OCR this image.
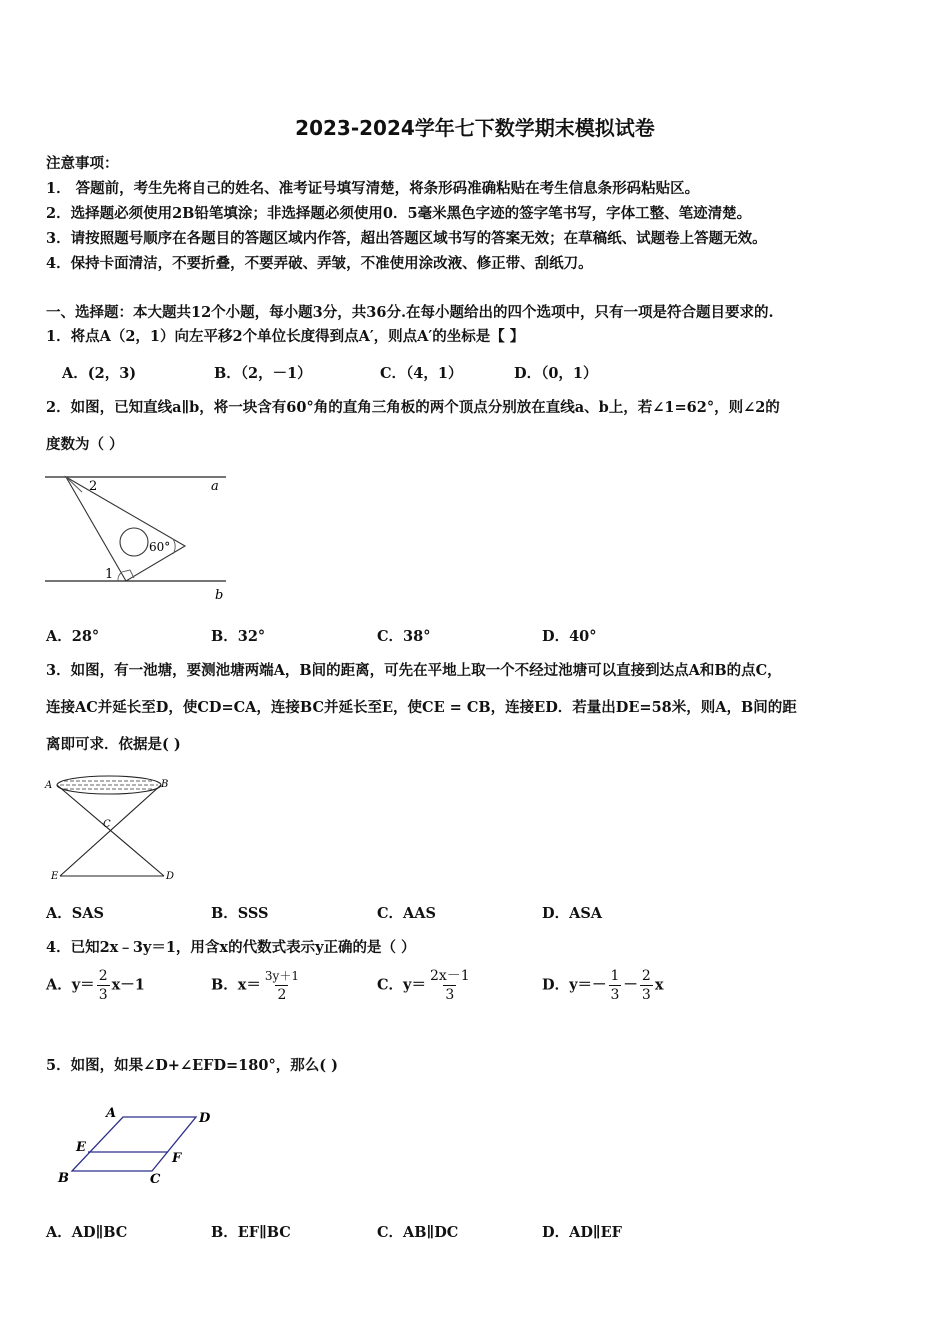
2023-2024学年七下数学期末模拟试卷
注意事项：
1． 答题前，考生先将自己的姓名、准考证号填写清楚，将条形码准确粘贴在考生信息条形码粘贴区。
2．选择题必须使用2B铅笔填涂；非选择题必须使用0．5毫米黑色字迹的签字笔书写，字体工整、笔迹清楚。
3．请按照题号顺序在各题目的答题区域内作答，超出答题区域书写的答案无效；在草稿纸、试题卷上答题无效。
4．保持卡面清洁，不要折叠，不要弄破、弄皱，不准使用涂改液、修正带、刮纸刀。
一、选择题：本大题共12个小题，每小题3分，共36分.在每小题给出的四个选项中，只有一项是符合题目要求的.
1．将点A（2，1）向左平移2个单位长度得到点A′，则点A′的坐标是【 】
A．(2，3)	B．（2，－1）	C．（4，1）	D．（0，1）
2．如图，已知直线a∥b，将一块含有60°角的直角三角板的两个顶点分别放在直线a、b上，若∠1=62°，则∠2的
度数为（ ）
a
b
2
1
60°
A．28°	B．32°	C．38°	D．40°
3．如图，有一池塘，要测池塘两端A，B间的距离，可先在平地上取一个不经过池塘可以直接到达点A和B的点C，
连接AC并延长至D，使CD=CA，连接BC并延长至E，使CE = CB，连接ED．若量出DE=58米，则A，B间的距
离即可求．依据是( )
A	B
C
D
E
A．SAS	B．SSS	C．AAS	D．ASA
4．已知2x﹣3y＝1，用含x的代数式表示y正确的是（ ）
A．$y= \frac{2}{3} x-1$	B．$x= \frac{3y+1}{2}$	C．$y= \frac{2x-1}{3}$	D．$y=- \frac{1}{3} - \frac{2}{3}$ x
5．如图，如果∠D+∠EFD=180°，那么( )
A	D
E
F
B	C
A．AD∥BC	B．EF∥BC	C．AB∥DC	D．AD∥EF
